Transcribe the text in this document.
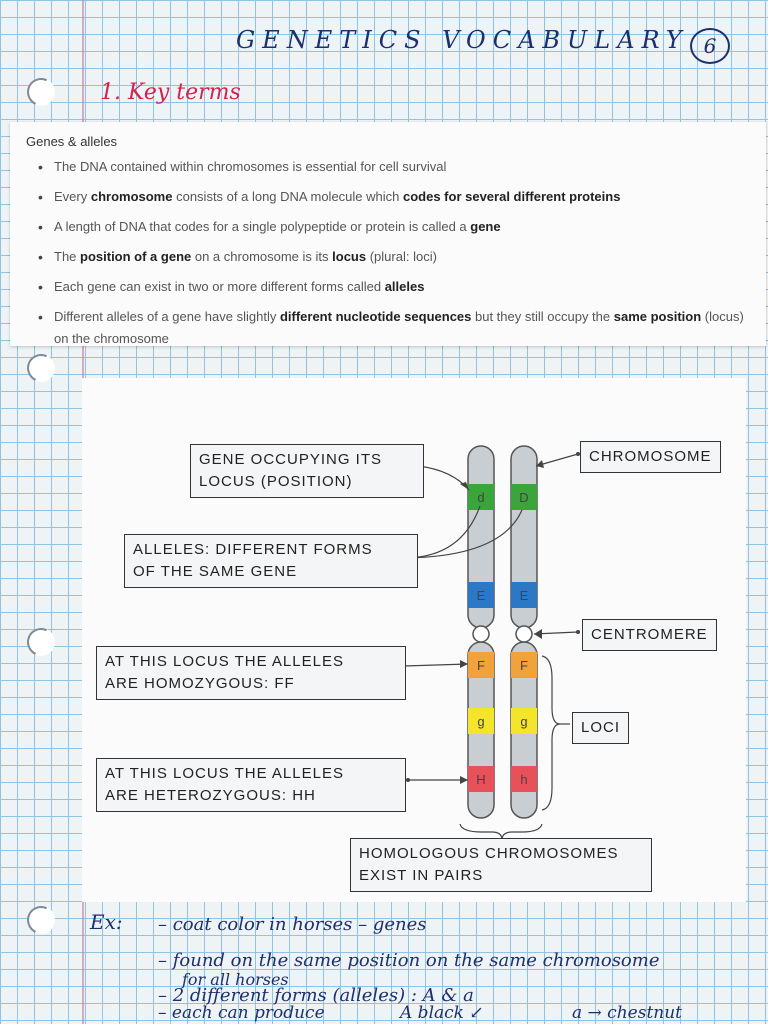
GENETICS VOCABULARY 6
1. Key terms
Genes & alleles
• The DNA contained within chromosomes is essential for cell survival
• Every chromosome consists of a long DNA molecule which codes for several different proteins
• A length of DNA that codes for a single polypeptide or protein is called a gene
• The position of a gene on a chromosome is its locus (plural: loci)
• Each gene can exist in two or more different forms called alleles
• Different alleles of a gene have slightly different nucleotide sequences but they still occupy the same position (locus) on the chromosome
d
E
F
g
H
D
E
F
g
h
GENE OCCUPYING ITS
LOCUS (POSITION)
ALLELES: DIFFERENT FORMS
OF THE SAME GENE
AT THIS LOCUS THE ALLELES
ARE HOMOZYGOUS: FF
AT THIS LOCUS THE ALLELES
ARE HETEROZYGOUS: HH
CHROMOSOME
CENTROMERE
LOCI
HOMOLOGOUS CHROMOSOMES
EXIST IN PAIRS
Ex: – coat color in horses – genes
– found on the same position on the same chromosome
for all horses
– 2 different forms (alleles) : A & a
– each can produce	A black ↙	a → chestnut
